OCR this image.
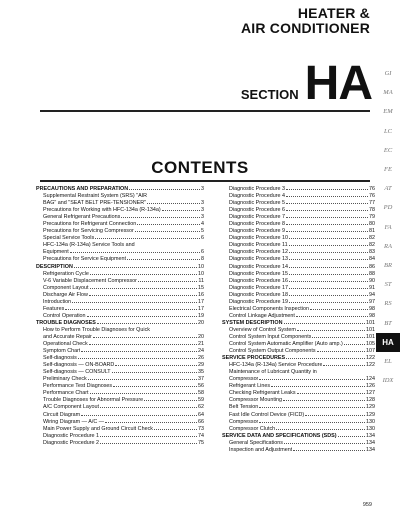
HEATER &
AIR CONDITIONER
SECTION HA
CONTENTS
PRECAUTIONS AND PREPARATION	3
Supplemental Restraint System (SRS) "AIR
BAG" and "SEAT BELT PRE-TENSIONER"	3
Precautions for Working with HFC-134a (R-134a)	3
General Refrigerant Precautions	3
Precautions for Refrigerant Connection	4
Precautions for Servicing Compressor	5
Special Service Tools	6
HFC-134a (R-134a) Service Tools and
Equipment	6
Precautions for Service Equipment	8
DESCRIPTION	10
Refrigeration Cycle	10
V-6 Variable Displacement Compressor	11
Component Layout	15
Discharge Air Flow	16
Introduction	17
Features	17
Control Operation	19
TROUBLE DIAGNOSES	20
How to Perform Trouble Diagnoses for Quick
and Accurate Repair	20
Operational Check	21
Symptom Chart	24
Self-diagnosis	26
Self-diagnosis — ON-BOARD	29
Self-diagnosis — CONSULT	35
Preliminary Check	37
Performance Test Diagnoses	56
Performance Chart	58
Trouble Diagnoses for Abnormal Pressure	59
A/C Component Layout	62
Circuit Diagram	64
Wiring Diagram — A/C —	66
Main Power Supply and Ground Circuit Check	73
Diagnostic Procedure 1	74
Diagnostic Procedure 2	75
Diagnostic Procedure 3	76
Diagnostic Procedure 4	76
Diagnostic Procedure 5	77
Diagnostic Procedure 6	78
Diagnostic Procedure 7	79
Diagnostic Procedure 8	80
Diagnostic Procedure 9	81
Diagnostic Procedure 10	82
Diagnostic Procedure 11	82
Diagnostic Procedure 12	83
Diagnostic Procedure 13	84
Diagnostic Procedure 14	86
Diagnostic Procedure 15	88
Diagnostic Procedure 16	90
Diagnostic Procedure 17	91
Diagnostic Procedure 18	94
Diagnostic Procedure 19	97
Electrical Components Inspection	98
Control Linkage Adjustment	98
SYSTEM DESCRIPTION	101
Overview of Control System	101
Control System Input Components	101
Control System Automatic Amplifier (Auto amp.)	105
Control System Output Components	107
SERVICE PROCEDURES	122
HFC-134a (R-134a) Service Procedure	122
Maintenance of Lubricant Quantity in
Compressor	124
Refrigerant Lines	126
Checking Refrigerant Leaks	127
Compressor Mounting	128
Belt Tension	129
Fast Idle Control Device (FICD)	129
Compressor	130
Compressor Clutch	130
SERVICE DATA AND SPECIFICATIONS (SDS)	134
General Specifications	134
Inspection and Adjustment	134
GI
MA
EM
LC
EC
FE
AT
PD
FA
RA
BR
ST
RS
BT
HA
EL
IDX
959
